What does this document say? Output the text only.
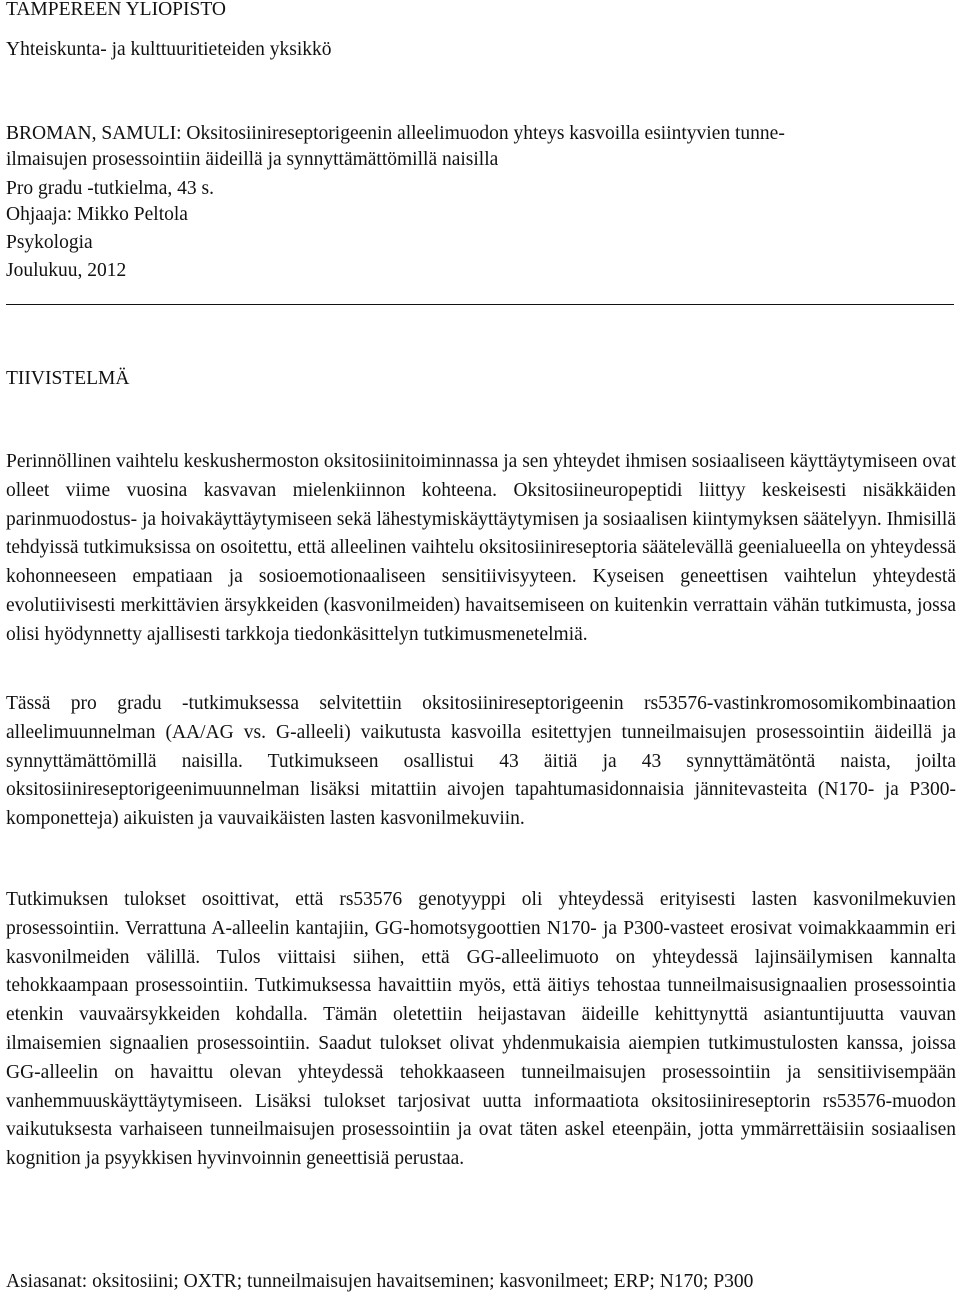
TAMPEREEN YLIOPISTO
Yhteiskunta- ja kulttuuritieteiden yksikkö
BROMAN, SAMULI: Oksitosiinireseptorigeenin alleelimuodon yhteys kasvoilla esiintyvien tunne-
ilmaisujen prosessointiin äideillä ja synnyttämättömillä naisilla
Pro gradu -tutkielma, 43 s.
Ohjaaja: Mikko Peltola
Psykologia
Joulukuu, 2012
TIIVISTELMÄ
Perinnöllinen vaihtelu keskushermoston oksitosiinitoiminnassa ja sen yhteydet ihmisen sosiaaliseen käyttäytymiseen ovat olleet viime vuosina kasvavan mielenkiinnon kohteena. Oksitosiineuropeptidi liittyy keskeisesti nisäkkäiden parinmuodostus- ja hoivakäyttäytymiseen sekä lähestymiskäyttäytymisen ja sosiaalisen kiintymyksen säätelyyn. Ihmisillä tehdyissä tutkimuksissa on osoitettu, että alleelinen vaihtelu oksitosiinireseptoria säätelevällä geenialueella on yhteydessä kohonneeseen empatiaan ja sosioemotionaaliseen sensitiivisyyteen. Kyseisen geneettisen vaihtelun yhteydestä evolutiivisesti merkittävien ärsykkeiden (kasvonilmeiden) havaitsemiseen on kuitenkin verrattain vähän tutkimusta, jossa olisi hyödynnetty ajallisesti tarkkoja tiedonkäsittelyn tutkimusmenetelmiä.
Tässä pro gradu -tutkimuksessa selvitettiin oksitosiinireseptorigeenin rs53576-vastinkromosomikombinaation alleelimuunnelman (AA/AG vs. G-alleeli) vaikutusta kasvoilla esitettyjen tunneilmaisujen prosessointiin äideillä ja synnyttämättömillä naisilla. Tutkimukseen osallistui 43 äitiä ja 43 synnyttämätöntä naista, joilta oksitosiinireseptorigeenimuunnelman lisäksi mitattiin aivojen tapahtumasidonnaisia jännitevasteita (N170- ja P300-komponetteja) aikuisten ja vauvaikäisten lasten kasvonilmekuviin.
Tutkimuksen tulokset osoittivat, että rs53576 genotyyppi oli yhteydessä erityisesti lasten kasvonilmekuvien prosessointiin. Verrattuna A-alleelin kantajiin, GG-homotsygoottien N170- ja P300-vasteet erosivat voimakkaammin eri kasvonilmeiden välillä. Tulos viittaisi siihen, että GG-alleelimuoto on yhteydessä lajinsäilymisen kannalta tehokkaampaan prosessointiin. Tutkimuksessa havaittiin myös, että äitiys tehostaa tunneilmaisusignaalien prosessointia etenkin vauvaärsykkeiden kohdalla. Tämän oletettiin heijastavan äideille kehittynyttä asiantuntijuutta vauvan ilmaisemien signaalien prosessointiin. Saadut tulokset olivat yhdenmukaisia aiempien tutkimustulosten kanssa, joissa GG-alleelin on havaittu olevan yhteydessä tehokkaaseen tunneilmaisujen prosessointiin ja sensitiivisempään vanhemmuuskäyttäytymiseen. Lisäksi tulokset tarjosivat uutta informaatiota oksitosiinireseptorin rs53576-muodon vaikutuksesta varhaiseen tunneilmaisujen prosessointiin ja ovat täten askel eteenpäin, jotta ymmärrettäisiin sosiaalisen kognition ja psyykkisen hyvinvoinnin geneettisiä perustaa.
Asiasanat: oksitosiini; OXTR; tunneilmaisujen havaitseminen; kasvonilmeet; ERP; N170; P300
